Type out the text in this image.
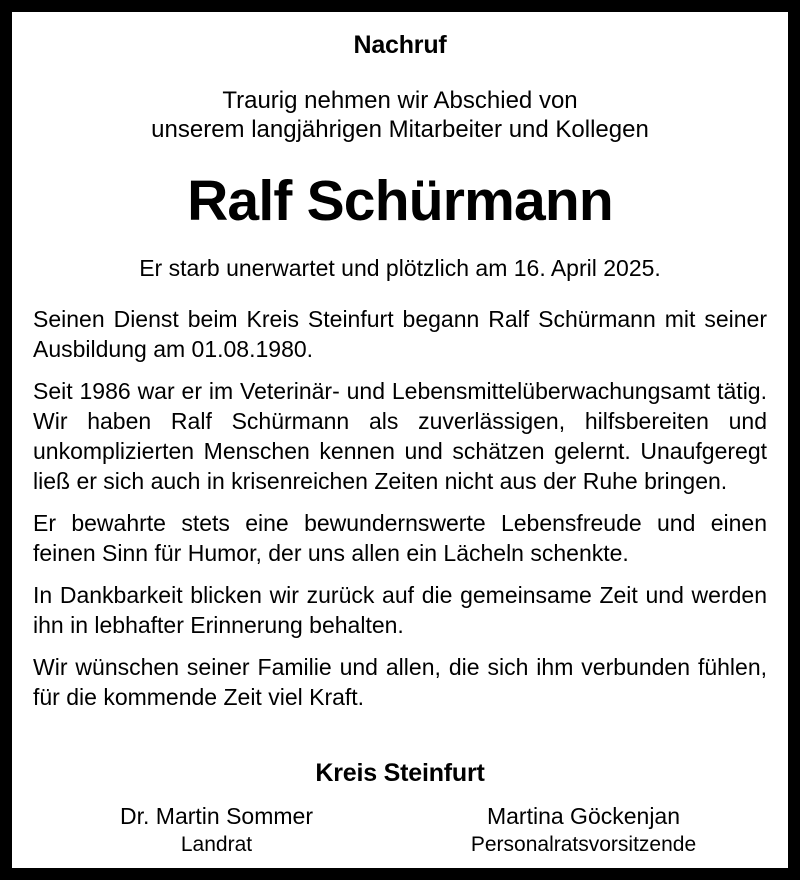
Nachruf
Traurig nehmen wir Abschied von
unserem langjährigen Mitarbeiter und Kollegen
Ralf Schürmann
Er starb unerwartet und plötzlich am 16. April 2025.

Seinen Dienst beim Kreis Steinfurt begann Ralf Schürmann mit seiner Ausbildung am 01.08.1980.

Seit 1986 war er im Veterinär- und Lebensmittelüberwachungsamt tätig. Wir haben Ralf Schürmann als zuverlässigen, hilfsbereiten und unkomplizierten Menschen kennen und schätzen gelernt. Unaufgeregt ließ er sich auch in krisenreichen Zeiten nicht aus der Ruhe bringen.

Er bewahrte stets eine bewundernswerte Lebensfreude und einen feinen Sinn für Humor, der uns allen ein Lächeln schenkte.

In Dankbarkeit blicken wir zurück auf die gemeinsame Zeit und werden ihn in lebhafter Erinnerung behalten.

Wir wünschen seiner Familie und allen, die sich ihm verbunden fühlen, für die kommende Zeit viel Kraft.

Kreis Steinfurt
Dr. Martin Sommer
Landrat
Martina Göckenjan
Personalratsvorsitzende
